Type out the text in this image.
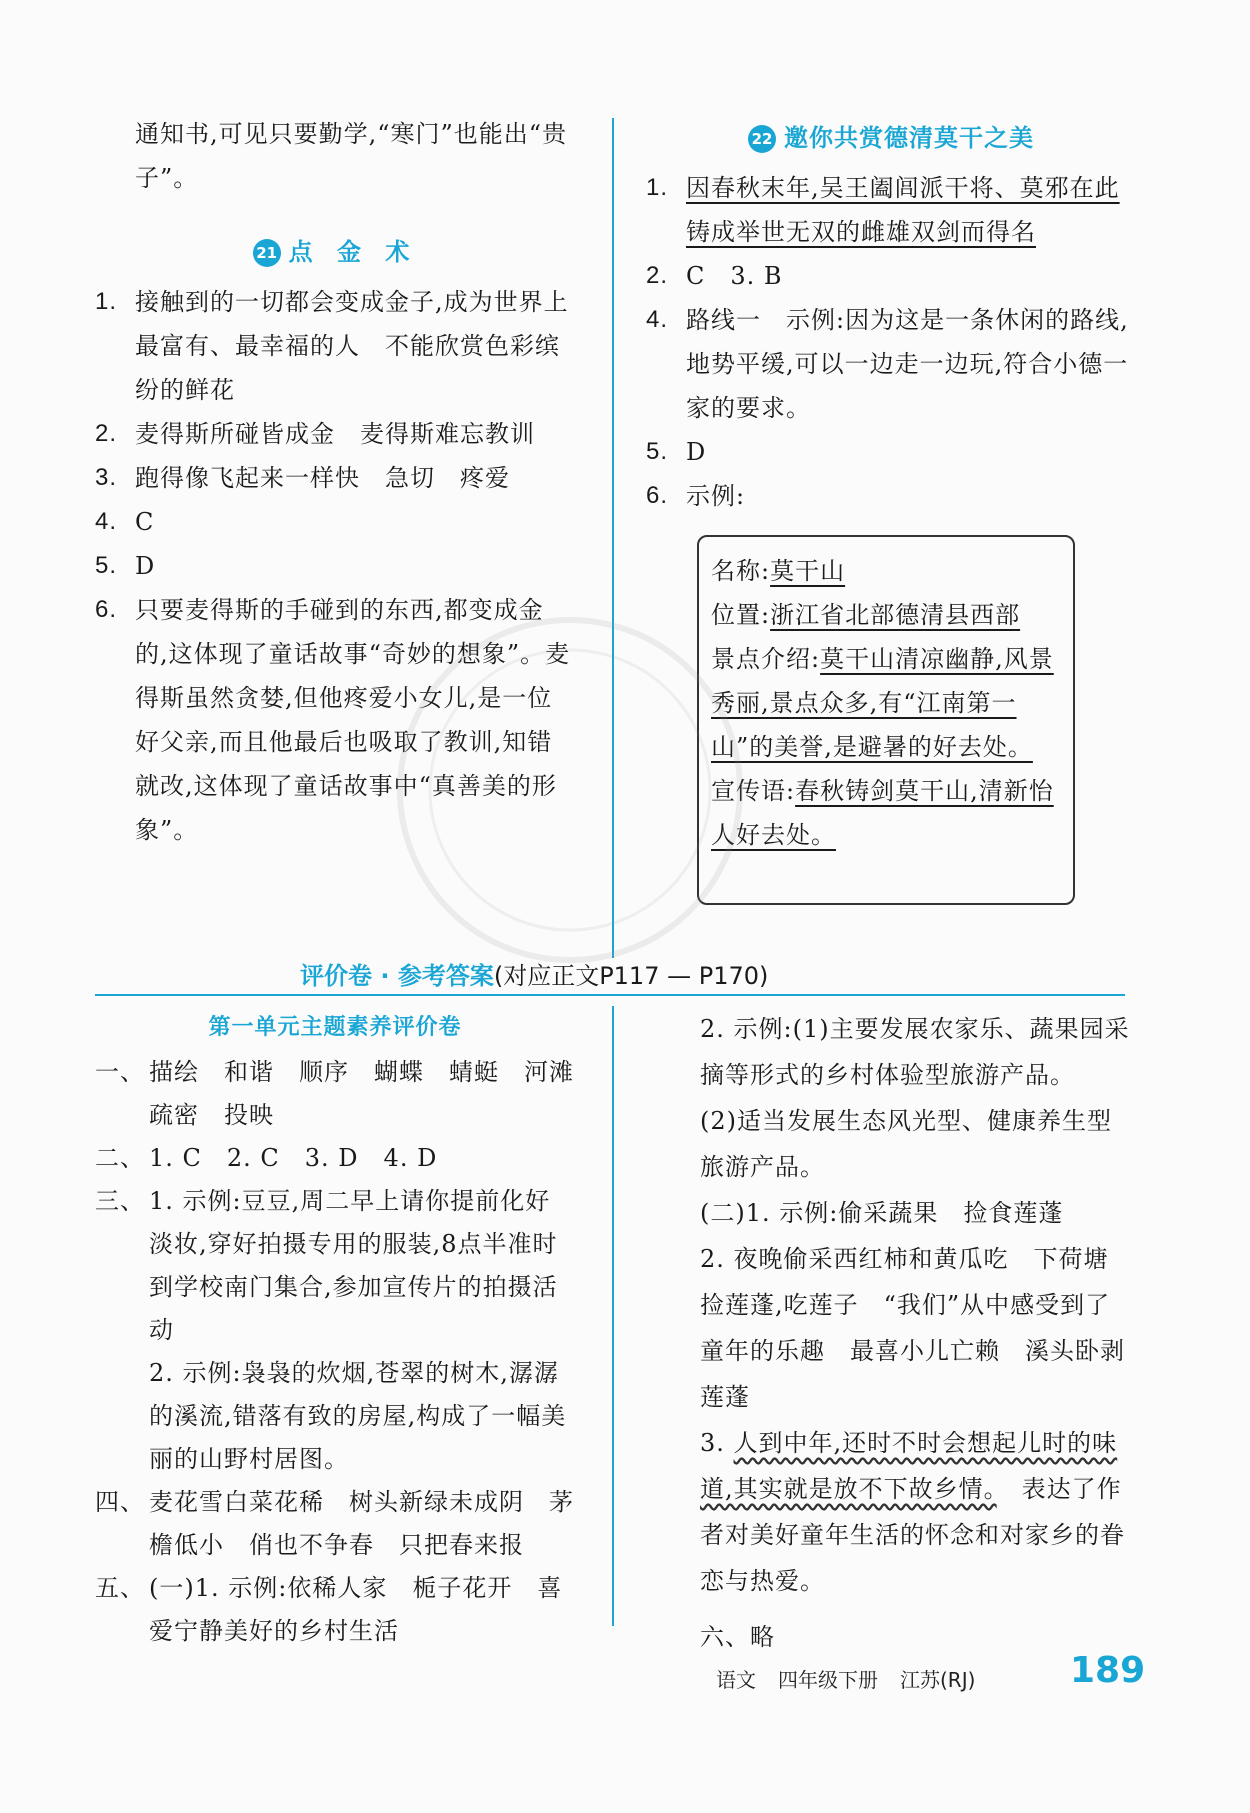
通知书,可见只要勤学,“寒门”也能出“贵子”。

21 点 金 术
1. 接触到的一切都会变成金子,成为世界上最富有、最幸福的人　不能欣赏色彩缤纷的鲜花
2. 麦得斯所碰皆成金　麦得斯难忘教训
3. 跑得像飞起来一样快　急切　疼爱
4. C
5. D
6. 只要麦得斯的手碰到的东西,都变成金的,这体现了童话故事“奇妙的想象”。麦得斯虽然贪婪,但他疼爱小女儿,是一位好父亲,而且他最后也吸取了教训,知错就改,这体现了童话故事中“真善美的形象”。
22 邀你共赏德清莫干之美
1. 因春秋末年,吴王阖闾派干将、莫邪在此铸成举世无双的雌雄双剑而得名
2. C　3. B
4. 路线一　示例:因为这是一条休闲的路线,地势平缓,可以一边走一边玩,符合小德一家的要求。
5. D
6. 示例:
名称:莫干山
位置:浙江省北部德清县西部
景点介绍:莫干山清凉幽静,风景秀丽,景点众多,有“江南第一山”的美誉,是避暑的好去处。
宣传语:春秋铸剑莫干山,清新怡人好去处。
评价卷 · 参考答案(对应正文P117 — P170)
第一单元主题素养评价卷
一、 描绘　和谐　顺序　蝴蝶　蜻蜓　河滩　疏密　投映
二、 1. C　2. C　3. D　4. D
三、 1. 示例:豆豆,周二早上请你提前化好淡妆,穿好拍摄专用的服装,8点半准时到学校南门集合,参加宣传片的拍摄活动

2. 示例:袅袅的炊烟,苍翠的树木,潺潺的溪流,错落有致的房屋,构成了一幅美丽的山野村居图。

四、 麦花雪白菜花稀　树头新绿未成阴　茅檐低小　俏也不争春　只把春来报
五、 (一)1. 示例:依稀人家　栀子花开　喜爱宁静美好的乡村生活

2. 示例:(1)主要发展农家乐、蔬果园采摘等形式的乡村体验型旅游产品。

(2)适当发展生态风光型、健康养生型旅游产品。

(二)1. 示例:偷采蔬果　捡食莲蓬

2. 夜晚偷采西红柿和黄瓜吃　下荷塘捡莲蓬,吃莲子　“我们”从中感受到了童年的乐趣　最喜小儿亡赖　溪头卧剥莲蓬

3. 人到中年,还时不时会想起儿时的味道,其实就是放不下故乡情。　表达了作者对美好童年生活的怀念和对家乡的眷恋与热爱。

六、略

语文 四年级下册 江苏(RJ)	189
